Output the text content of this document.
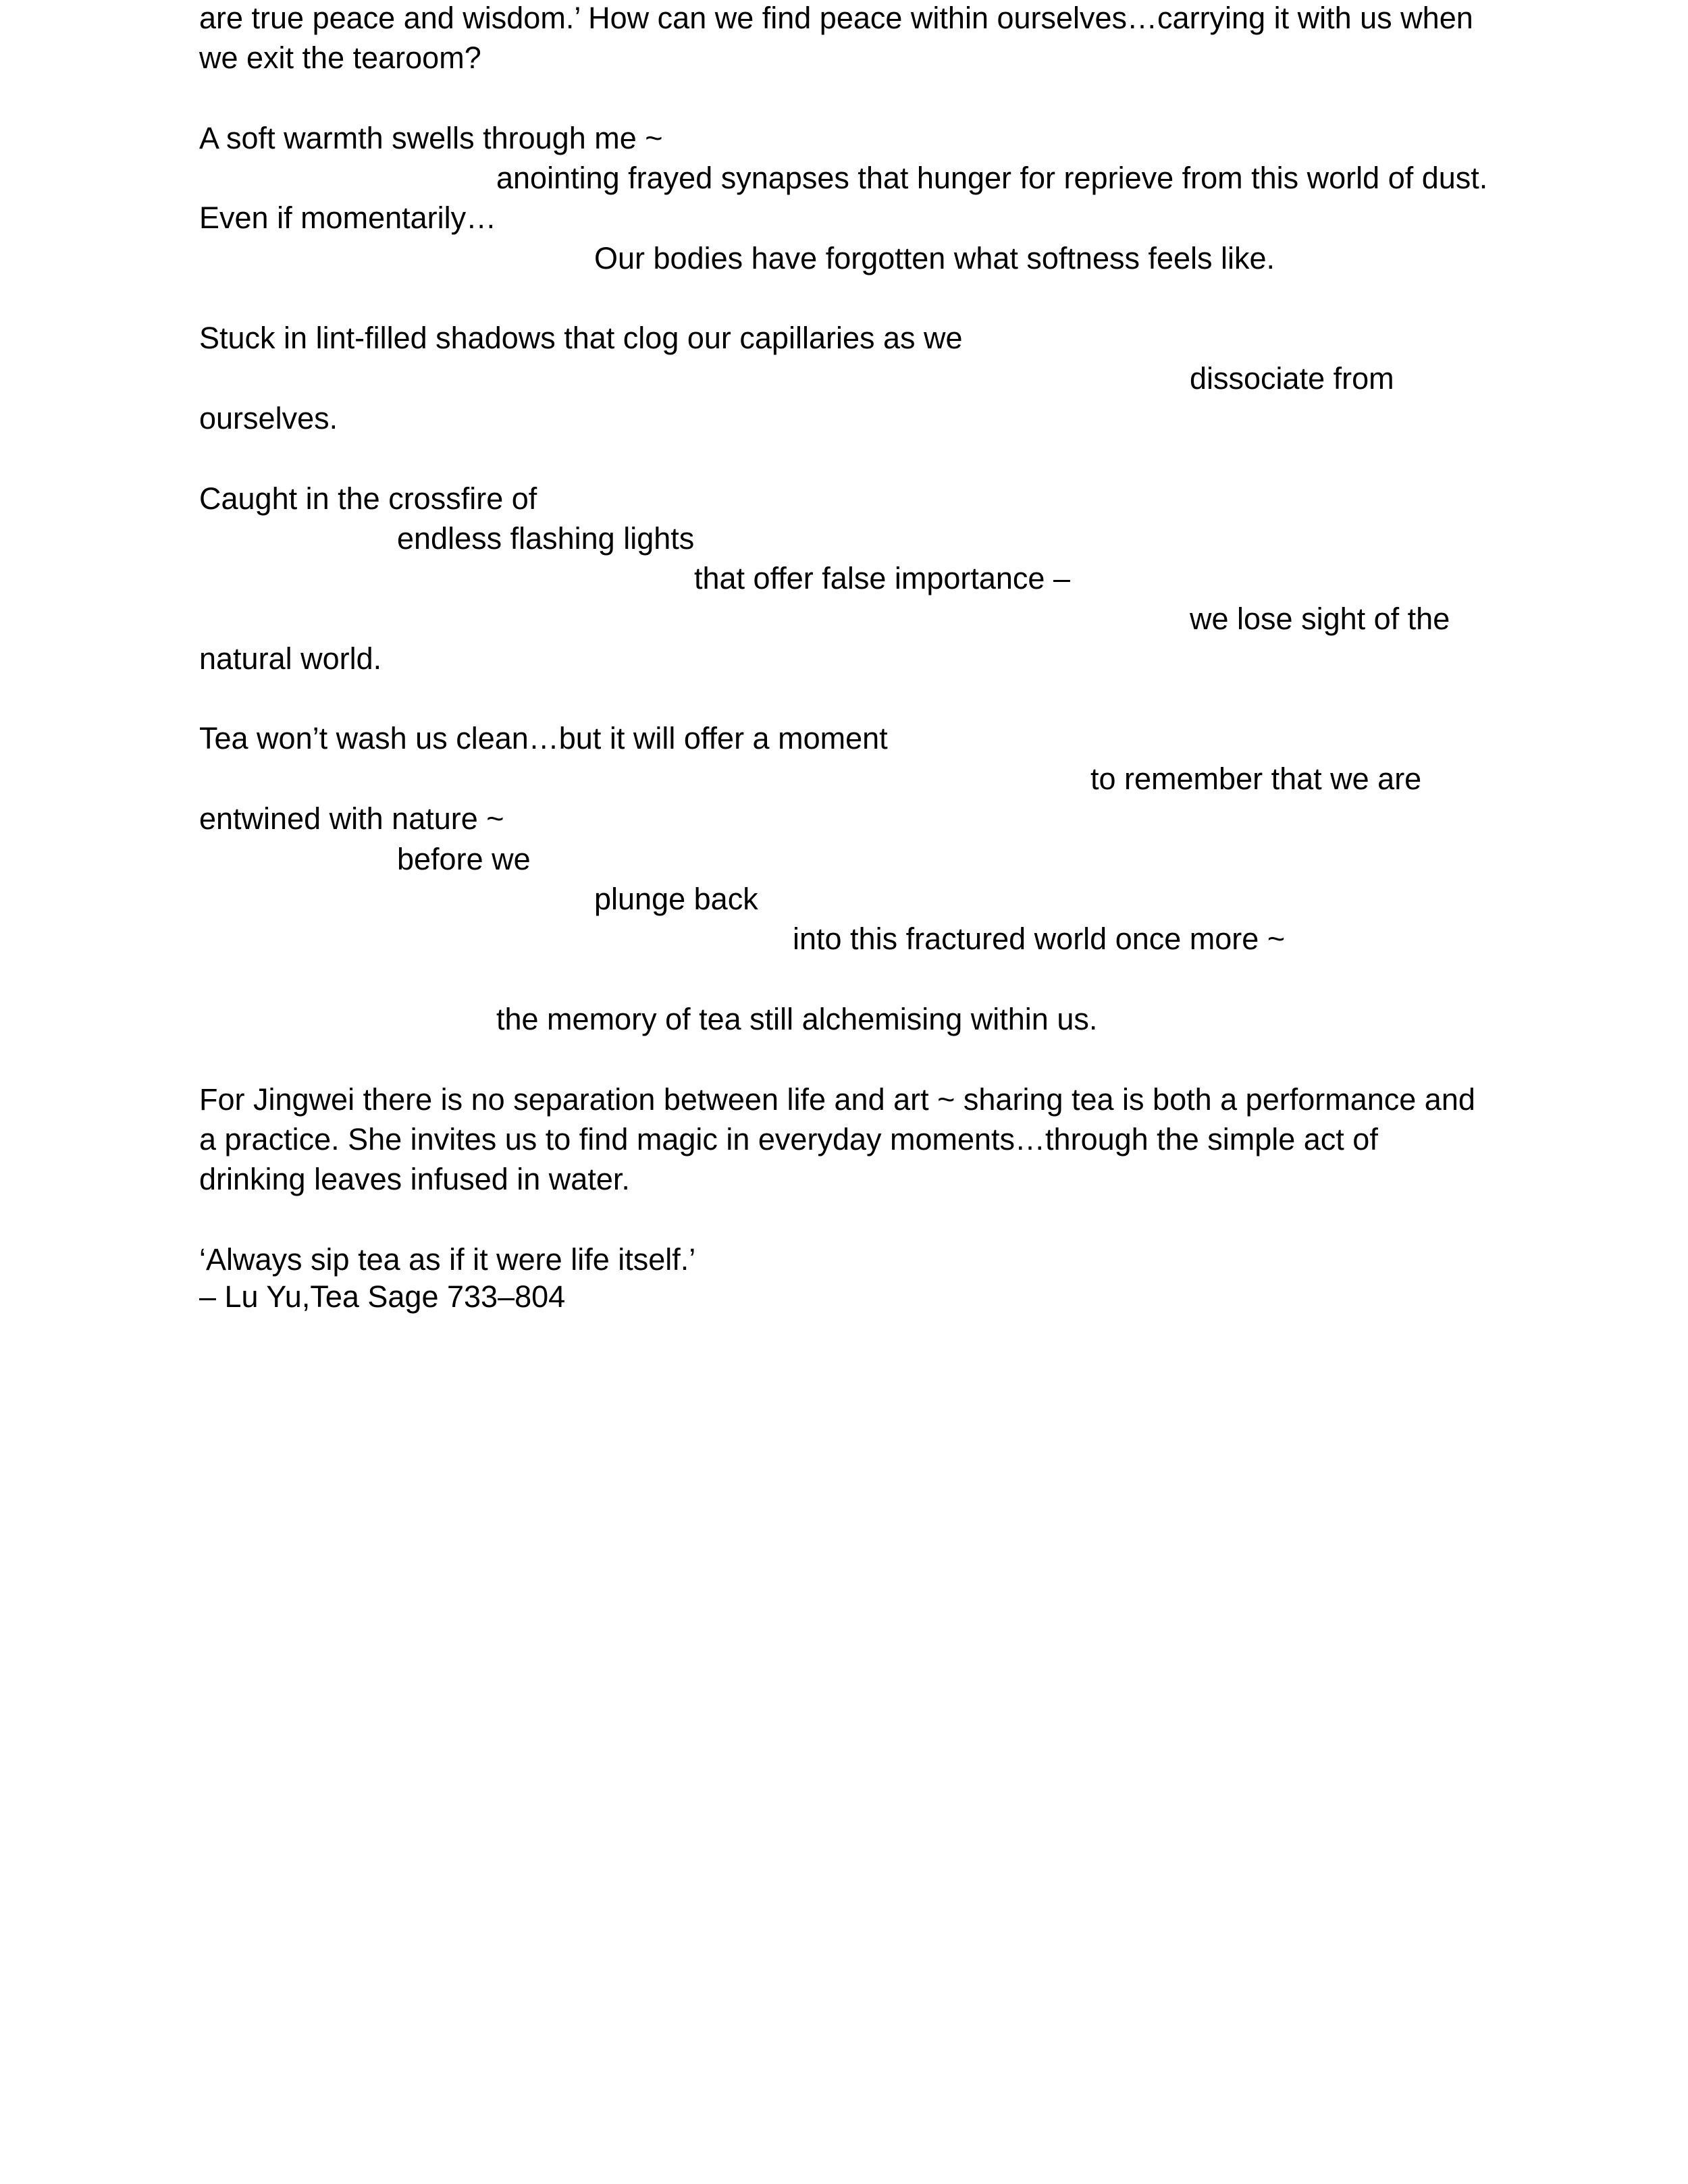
are true peace and wisdom.’ How can we find peace within ourselves…carrying it with us when
we exit the tearoom?
A soft warmth swells through me ~
anointing frayed synapses that hunger for reprieve from this world of dust.
Even if momentarily…
Our bodies have forgotten what softness feels like.
Stuck in lint-filled shadows that clog our capillaries as we
dissociate from
ourselves.
Caught in the crossfire of
endless flashing lights
that offer false importance –
we lose sight of the
natural world.
Tea won’t wash us clean…but it will offer a moment
to remember that we are
entwined with nature ~
before we
plunge back
into this fractured world once more ~
the memory of tea still alchemising within us.
For Jingwei there is no separation between life and art ~ sharing tea is both a performance and
a practice. She invites us to find magic in everyday moments…through the simple act of
drinking leaves infused in water.
‘Always sip tea as if it were life itself.’
– Lu Yu,Tea Sage 733–804
